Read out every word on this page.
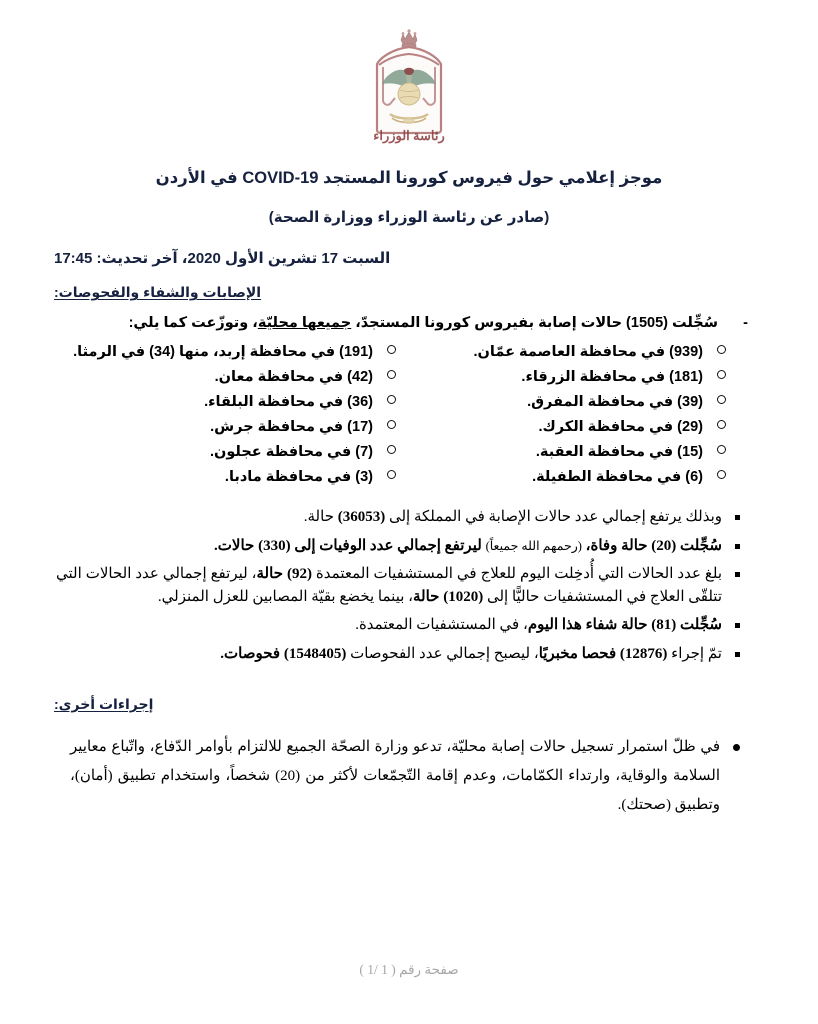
رئاسة الوزراء
موجز إعلامي حول فيروس كورونا المستجد COVID-19 في الأردن
(صادر عن رئاسة الوزراء ووزارة الصحة)
السبت 17 تشرين الأول 2020، آخر تحديث: 17:45
الإصابات والشفاء والفحوصات:
-
سُجِّلت (1505) حالات إصابة بفيروس كورونا المستجدّ، جميعها محليّة، وتوزّعت كما يلي:
(939) في محافظة العاصمة عمّان.
(191) في محافظة إربد، منها (34) في الرمثا.
(181) في محافظة الزرقاء.
(42) في محافظة معان.
(39) في محافظة المفرق.
(36) في محافظة البلقاء.
(29) في محافظة الكرك.
(17) في محافظة جرش.
(15) في محافظة العقبة.
(7) في محافظة عجلون.
(6) في محافظة الطفيلة.
(3) في محافظة مادبا.
وبذلك يرتفع إجمالي عدد حالات الإصابة في المملكة إلى (36053) حالة.
سُجِّلت (20) حالة وفاة، (رحمهم الله جميعاً) ليرتفع إجمالي عدد الوفيات إلى (330) حالات.
بلغ عدد الحالات التي أُدخِلت اليوم للعلاج في المستشفيات المعتمدة (92) حالة، ليرتفع إجمالي عدد الحالات التي تتلقّى العلاج في المستشفيات حاليًّا إلى (1020) حالة، بينما يخضع بقيّة المصابين للعزل المنزلي.
سُجِّلت (81) حالة شفاء هذا اليوم، في المستشفيات المعتمدة.
تمّ إجراء (12876) فحصا مخبريًا، ليصبح إجمالي عدد الفحوصات (1548405) فحوصات.
إجراءات أخرى:
في ظلّ استمرار تسجيل حالات إصابة محليّة، تدعو وزارة الصحّة الجميع للالتزام بأوامر الدّفاع، واتّباع معايير السلامة والوقاية، وارتداء الكمّامات، وعدم إقامة التّجمّعات لأكثر من (20) شخصاً، واستخدام تطبيق (أمان)، وتطبيق (صحتك).
صفحة رقم ( 1 /1 )
